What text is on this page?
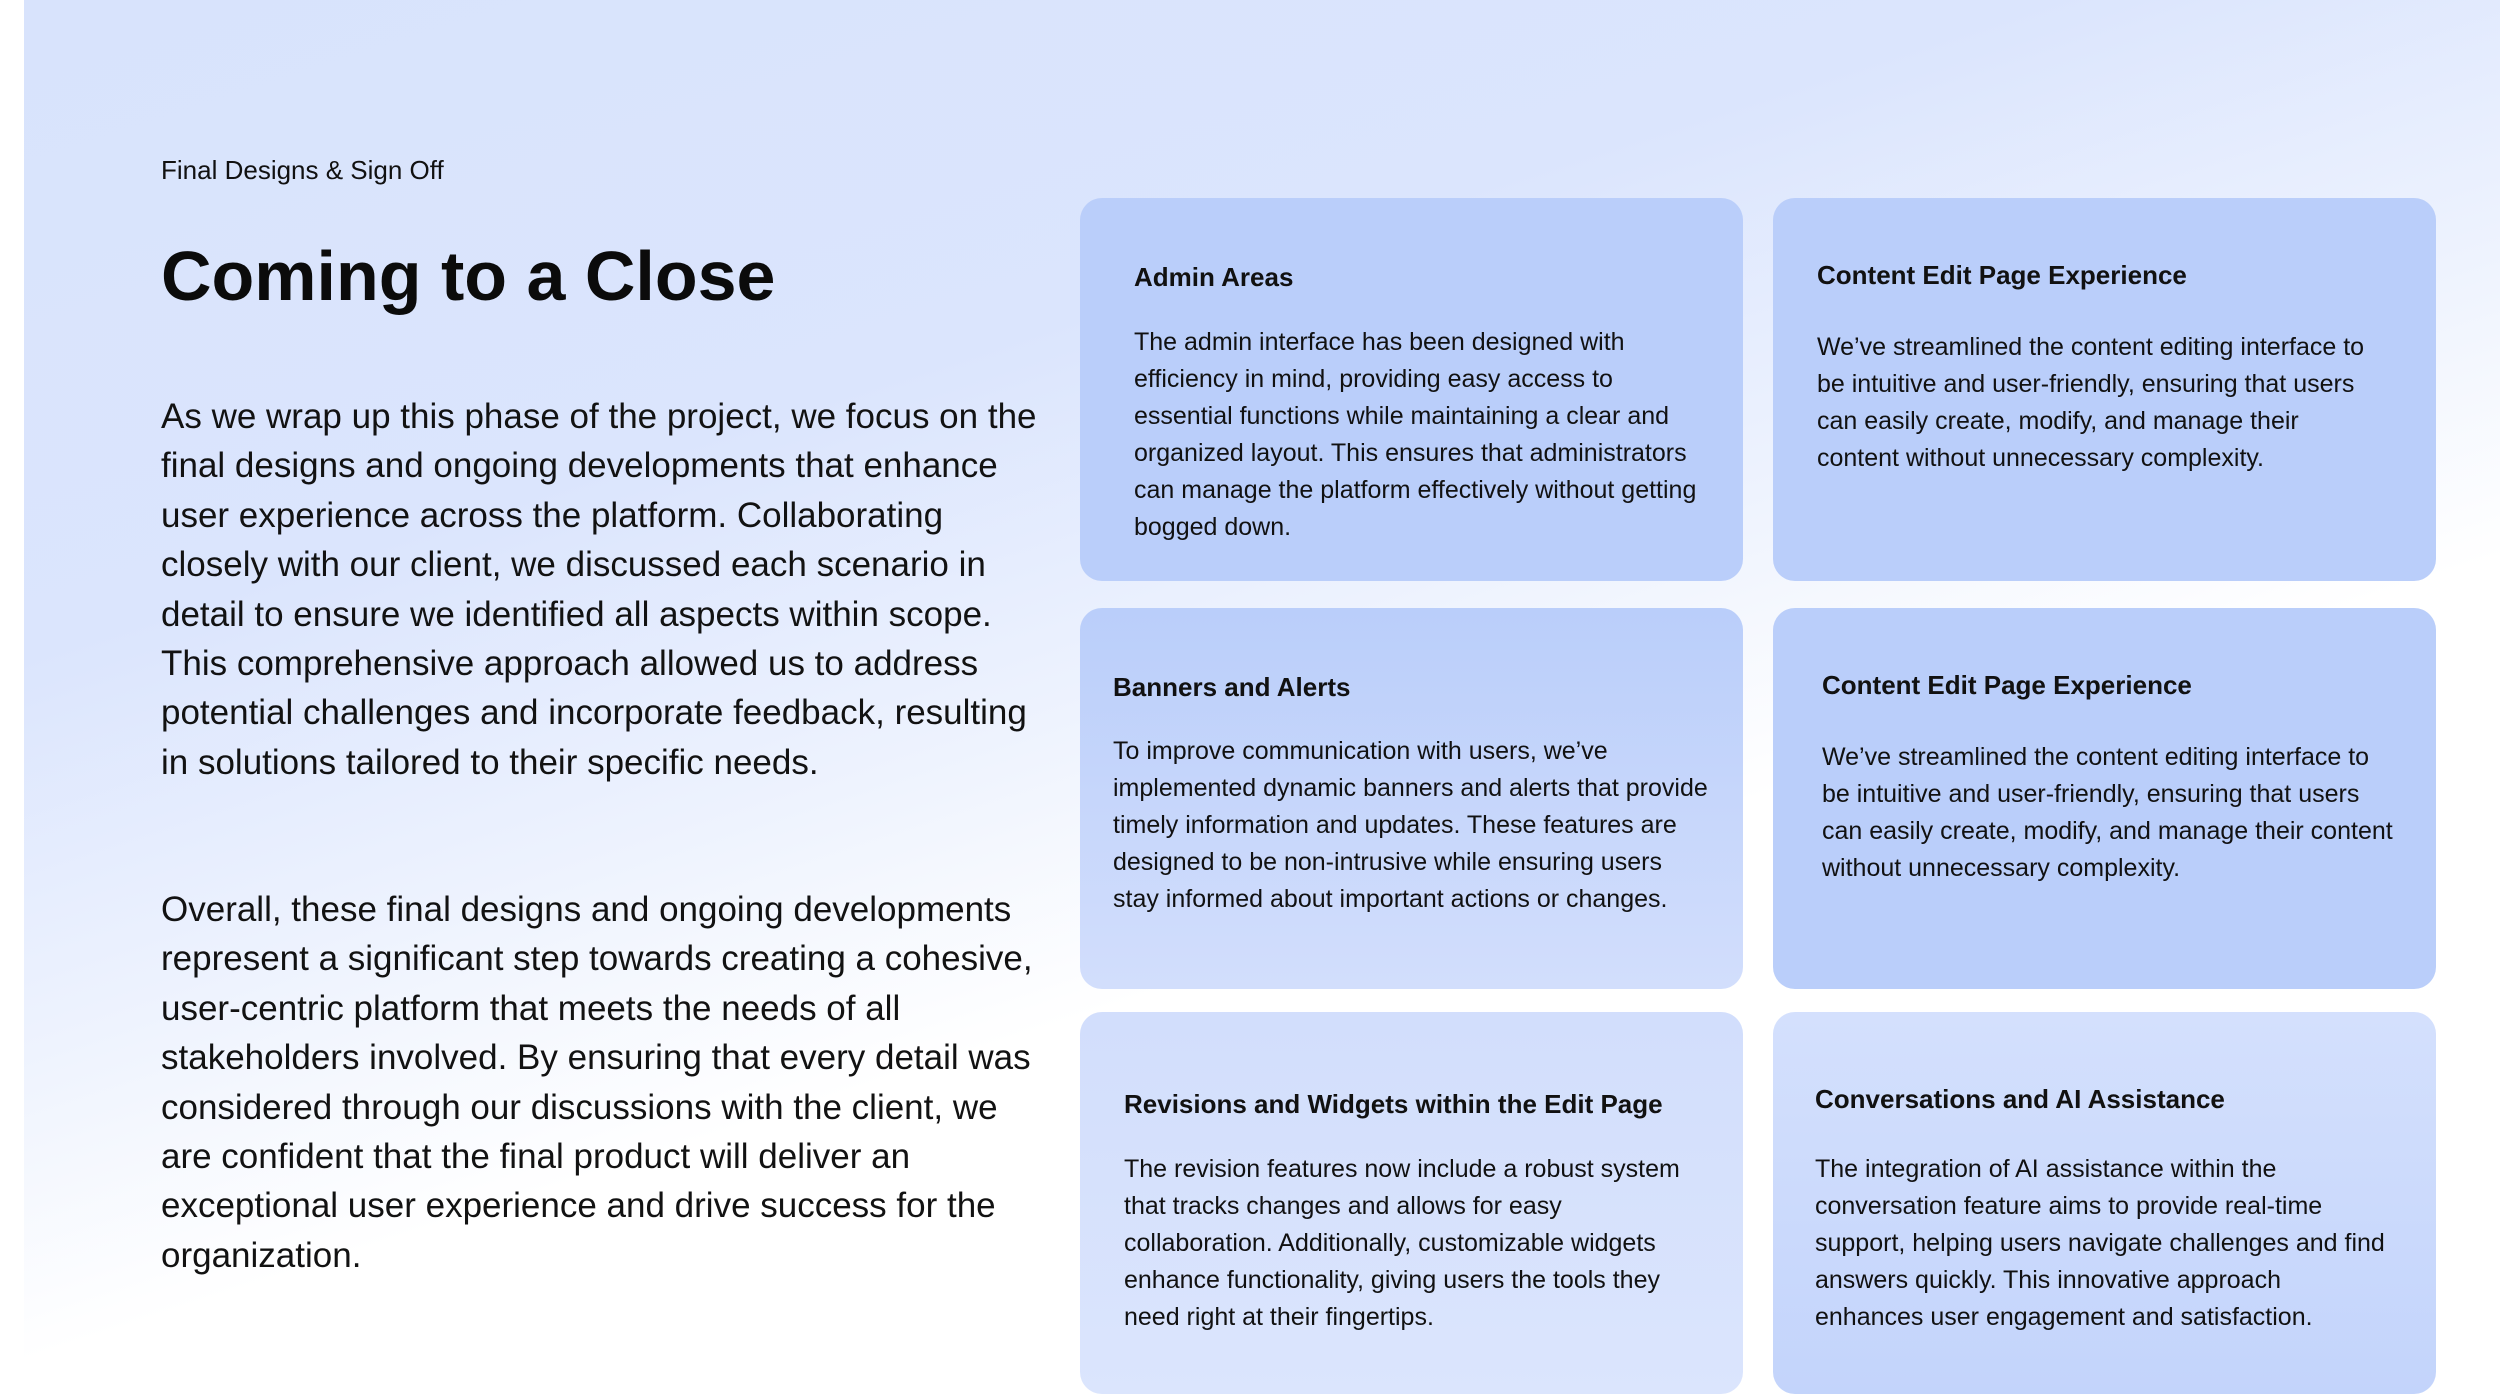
Final Designs & Sign Off
Coming to a Close

As we wrap up this phase of the project, we focus on the final designs and ongoing developments that enhance user experience across the platform. Collaborating closely with our client, we discussed each scenario in detail to ensure we identified all aspects within scope. This comprehensive approach allowed us to address potential challenges and incorporate feedback, resulting in solutions tailored to their specific needs.

Overall, these final designs and ongoing developments represent a significant step towards creating a cohesive, user-centric platform that meets the needs of all stakeholders involved. By ensuring that every detail was considered through our discussions with the client, we are confident that the final product will deliver an exceptional user experience and drive success for the organization.

Admin Areas

The admin interface has been designed with efficiency in mind, providing easy access to essential functions while maintaining a clear and organized layout. This ensures that administrators can manage the platform effectively without getting bogged down.

Content Edit Page Experience

We’ve streamlined the content editing interface to be intuitive and user-friendly, ensuring that users can easily create, modify, and manage their content without unnecessary complexity.

Banners and Alerts

To improve communication with users, we’ve implemented dynamic banners and alerts that provide timely information and updates. These features are designed to be non-intrusive while ensuring users stay informed about important actions or changes.

Content Edit Page Experience

We’ve streamlined the content editing interface to be intuitive and user-friendly, ensuring that users can easily create, modify, and manage their content without unnecessary complexity.

Revisions and Widgets within the Edit Page

The revision features now include a robust system that tracks changes and allows for easy collaboration. Additionally, customizable widgets enhance functionality, giving users the tools they need right at their fingertips.

Conversations and AI Assistance

The integration of AI assistance within the conversation feature aims to provide real-time support, helping users navigate challenges and find answers quickly. This innovative approach enhances user engagement and satisfaction.
